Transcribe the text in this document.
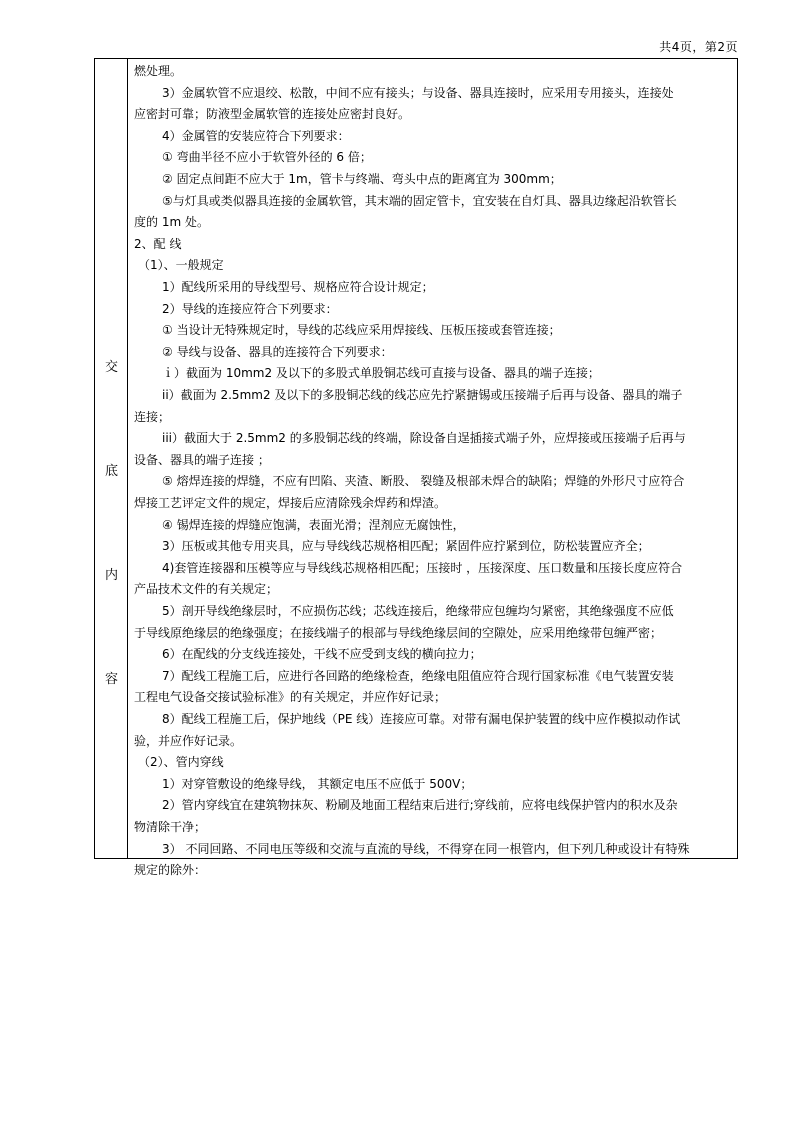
共4页，第2页
交
底
内
容
燃处理。
3）金属软管不应退绞、松散，中间不应有接头；与设备、器具连接时，应采用专用接头，连接处
应密封可靠；防液型金属软管的连接处应密封良好。
4）金属管的安装应符合下列要求：
① 弯曲半径不应小于软管外径的 6 倍；
② 固定点间距不应大于 1m，管卡与终端、弯头中点的距离宜为 300mm；
⑤与灯具或类似器具连接的金属软管，其末端的固定管卡，宜安装在自灯具、器具边缘起沿软管长
度的 1m 处。
2、配 线
（1）、一般规定
1）配线所采用的导线型号、规格应符合设计规定；
2）导线的连接应符合下列要求：
① 当设计无特殊规定时，导线的芯线应采用焊接线、压板压接或套管连接；
② 导线与设备、器具的连接符合下列要求：
ｉ）截面为 10mm2 及以下的多股式单股铜芯线可直接与设备、器具的端子连接；
ii）截面为 2.5mm2 及以下的多股铜芯线的线芯应先拧紧搪锡或压接端子后再与设备、器具的端子
连接；
iii）截面大于 2.5mm2 的多股铜芯线的终端，除设备自逞插接式端子外，应焊接或压接端子后再与
设备、器具的端子连接 ；
⑤ 熔焊连接的焊缝，不应有凹陷、夹渣、断股、 裂缝及根部未焊合的缺陷；焊缝的外形尺寸应符合
焊接工艺评定文件的规定，焊接后应清除残余焊药和焊渣。
④ 锡焊连接的焊缝应饱满，表面光滑；涅剂应无腐蚀性，
3）压板或其他专用夹具，应与导线线芯规格相匹配；紧固件应拧紧到位，防松装置应齐全；
4)套管连接器和压模等应与导线线芯规格相匹配；压接时 ，压接深度、压口数量和压接长度应符合
产品技术文件的有关规定；
5）剖开导线绝缘层时，不应损伤芯线；芯线连接后，绝缘带应包缠均匀紧密，其绝缘强度不应低
于导线原绝缘层的绝缘强度；在接线端子的根部与导线绝缘层间的空隙处，应采用绝缘带包缠严密；
6）在配线的分支线连接处，干线不应受到支线的横向拉力；
7）配线工程施工后，应进行各回路的绝缘检查，绝缘电阻值应符合现行国家标准《电气装置安装
工程电气设备交接试验标准》的有关规定，并应作好记录；
8）配线工程施工后，保护地线（PE 线）连接应可靠。对带有漏电保护装置的线中应作模拟动作试
验，并应作好记录。
（2）、管内穿线
1）对穿管敷设的绝缘导线， 其额定电压不应低于 500V；
2）管内穿线宜在建筑物抹灰、粉刷及地面工程结束后进行;穿线前，应将电线保护管内的积水及杂
物清除干净；
3） 不同回路、不同电压等级和交流与直流的导线，不得穿在同一根管内，但下列几种或设计有特殊
规定的除外：
